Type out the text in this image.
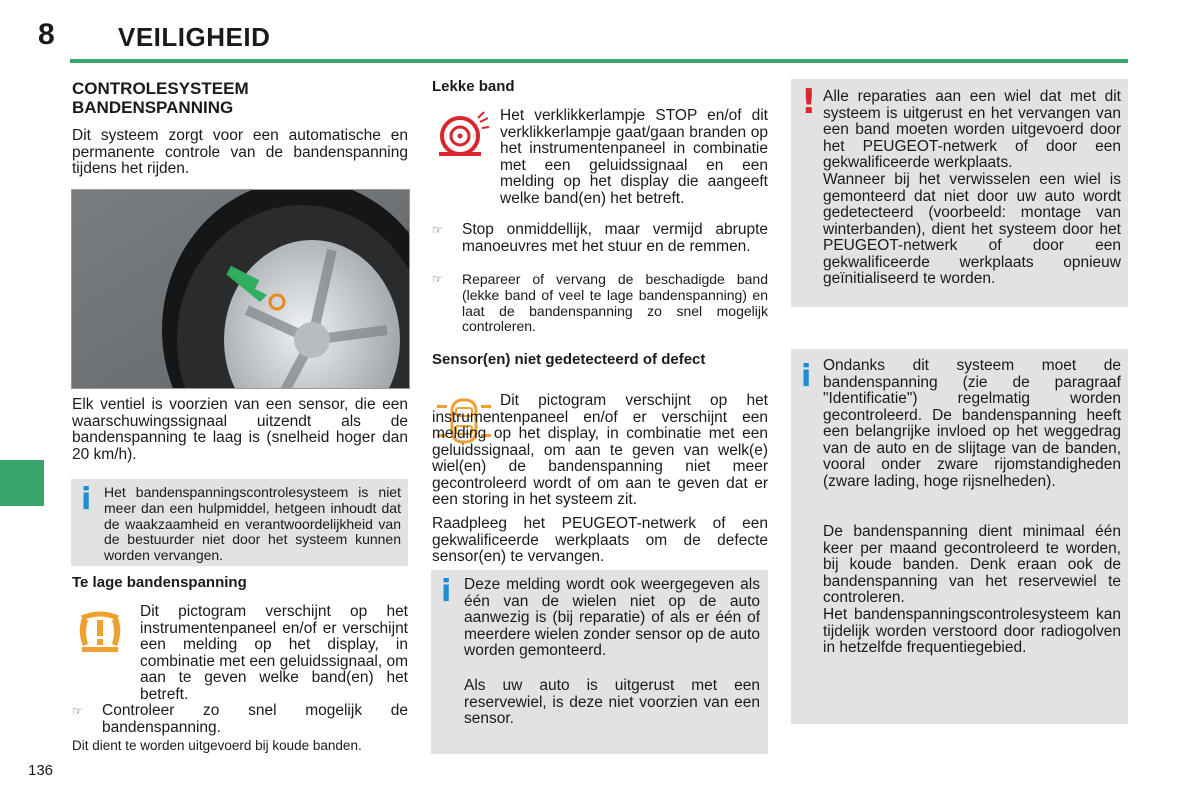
8 VEILIGHEID
136
CONTROLESYSTEEM BANDENSPANNING
Dit systeem zorgt voor een automatische en permanente controle van de bandenspanning tijdens het rijden.
Elk ventiel is voorzien van een sensor, die een waarschuwingssignaal uitzendt als de bandenspanning te laag is (snelheid hoger dan 20 km/h).
i Het bandenspanningscontrolesysteem is niet meer dan een hulpmiddel, hetgeen inhoudt dat de waakzaamheid en verantwoordelijkheid van de bestuurder niet door het systeem kunnen worden vervangen.
Te lage bandenspanning
Dit pictogram verschijnt op het instrumentenpaneel en/of er verschijnt een melding op het display, in combinatie met een geluidssignaal, om aan te geven welke band(en) het betreft.
☞	Controleer zo snel mogelijk de bandenspanning.
Dit dient te worden uitgevoerd bij koude banden.
Lekke band
Het verklikkerlampje STOP en/of dit verklikkerlampje gaat/gaan branden op het instrumentenpaneel in combinatie met een geluidssignaal en een melding op het display die aangeeft welke band(en) het betreft.
☞	Stop onmiddellijk, maar vermijd abrupte manoeuvres met het stuur en de remmen.
☞	Repareer of vervang de beschadigde band (lekke band of veel te lage bandenspanning) en laat de bandenspanning zo snel mogelijk controleren.
Sensor(en) niet gedetecteerd of defect
Dit pictogram verschijnt op het instrumentenpaneel en/of er verschijnt een melding op het display, in combinatie met een geluidssignaal, om aan te geven van welk(e) wiel(en) de bandenspanning niet meer gecontroleerd wordt of om aan te geven dat er een storing in het systeem zit.
Raadpleeg het PEUGEOT-netwerk of een gekwalificeerde werkplaats om de defecte sensor(en) te vervangen.
i Deze melding wordt ook weergegeven als één van de wielen niet op de auto aanwezig is (bij reparatie) of als er één of meerdere wielen zonder sensor op de auto worden gemonteerd.
Als uw auto is uitgerust met een reservewiel, is deze niet voorzien van een sensor.
! Alle reparaties aan een wiel dat met dit systeem is uitgerust en het vervangen van een band moeten worden uitgevoerd door het PEUGEOT-netwerk of door een gekwalificeerde werkplaats.
Wanneer bij het verwisselen een wiel is gemonteerd dat niet door uw auto wordt gedetecteerd (voorbeeld: montage van winterbanden), dient het systeem door het PEUGEOT-netwerk of door een gekwalificeerde werkplaats opnieuw geïnitialiseerd te worden.
i Ondanks dit systeem moet de bandenspanning (zie de paragraaf "Identificatie") regelmatig worden gecontroleerd. De bandenspanning heeft een belangrijke invloed op het weggedrag van de auto en de slijtage van de banden, vooral onder zware rijomstandigheden (zware lading, hoge rijsnelheden).
De bandenspanning dient minimaal één keer per maand gecontroleerd te worden, bij koude banden. Denk eraan ook de bandenspanning van het reservewiel te controleren.
Het bandenspanningscontrolesysteem kan tijdelijk worden verstoord door radiogolven in hetzelfde frequentiegebied.
